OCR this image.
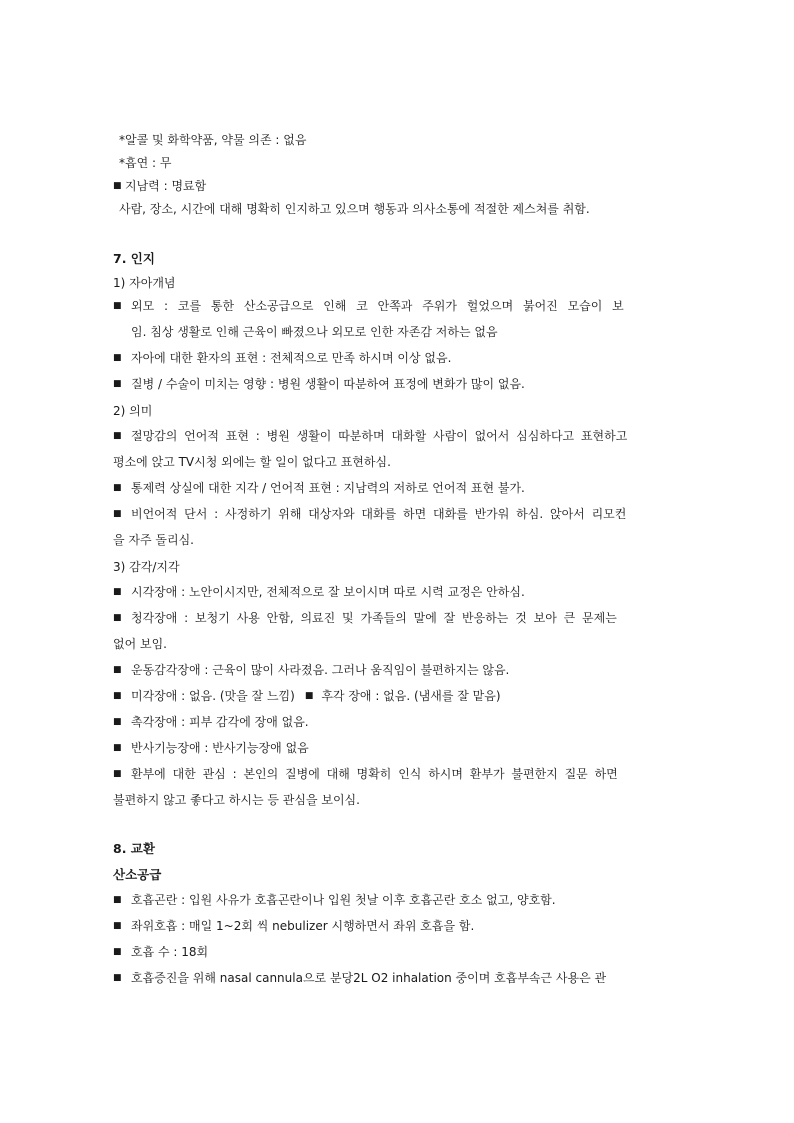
*알콜 및 화학약품, 약물 의존 : 없음
*흡연 : 무
■ 지남력 : 명료함
사람, 장소, 시간에 대해 명확히 인지하고 있으며 행동과 의사소통에 적절한 제스쳐를 취함.
7. 인지
1) 자아개념
■ 외모 : 코를 통한 산소공급으로 인해 코 안쪽과 주위가 헐었으며 붉어진 모습이 보
임. 침상 생활로 인해 근육이 빠졌으나 외모로 인한 자존감 저하는 없음
■ 자아에 대한 환자의 표현 : 전체적으로 만족 하시며 이상 없음.
■ 질병 / 수술이 미치는 영향 : 병원 생활이 따분하여 표정에 변화가 많이 없음.
2) 의미
■ 절망감의 언어적 표현 : 병원 생활이 따분하며 대화할 사람이 없어서 심심하다고 표현하고
평소에 앉고 TV시청 외에는 할 일이 없다고 표현하심.
■ 통제력 상실에 대한 지각 / 언어적 표현 : 지남력의 저하로 언어적 표현 불가.
■ 비언어적 단서 : 사정하기 위해 대상자와 대화를 하면 대화를 반가워 하심. 앉아서 리모컨
을 자주 돌리심.
3) 감각/지각
■ 시각장애 : 노안이시지만, 전체적으로 잘 보이시며 따로 시력 교정은 안하심.
■ 청각장애 : 보청기 사용 안함, 의료진 및 가족들의 말에 잘 반응하는 것 보아 큰 문제는
없어 보임.
■ 운동감각장애 : 근육이 많이 사라졌음. 그러나 움직임이 불편하지는 않음.
■ 미각장애 : 없음. (맛을 잘 느낌) ■ 후각 장애 : 없음. (냄새를 잘 맡음)
■ 촉각장애 : 피부 감각에 장애 없음.
■ 반사기능장애 : 반사기능장애 없음
■ 환부에 대한 관심 : 본인의 질병에 대해 명확히 인식 하시며 환부가 불편한지 질문 하면
불편하지 않고 좋다고 하시는 등 관심을 보이심.
8. 교환
산소공급
■ 호흡곤란 : 입원 사유가 호흡곤란이나 입원 첫날 이후 호흡곤란 호소 없고, 양호함.
■ 좌위호흡 : 매일 1~2회 씩 nebulizer 시행하면서 좌위 호흡을 함.
■ 호흡 수 : 18회
■ 호흡증진을 위해 nasal cannula으로 분당2L O2 inhalation 중이며 호흡부속근 사용은 관
